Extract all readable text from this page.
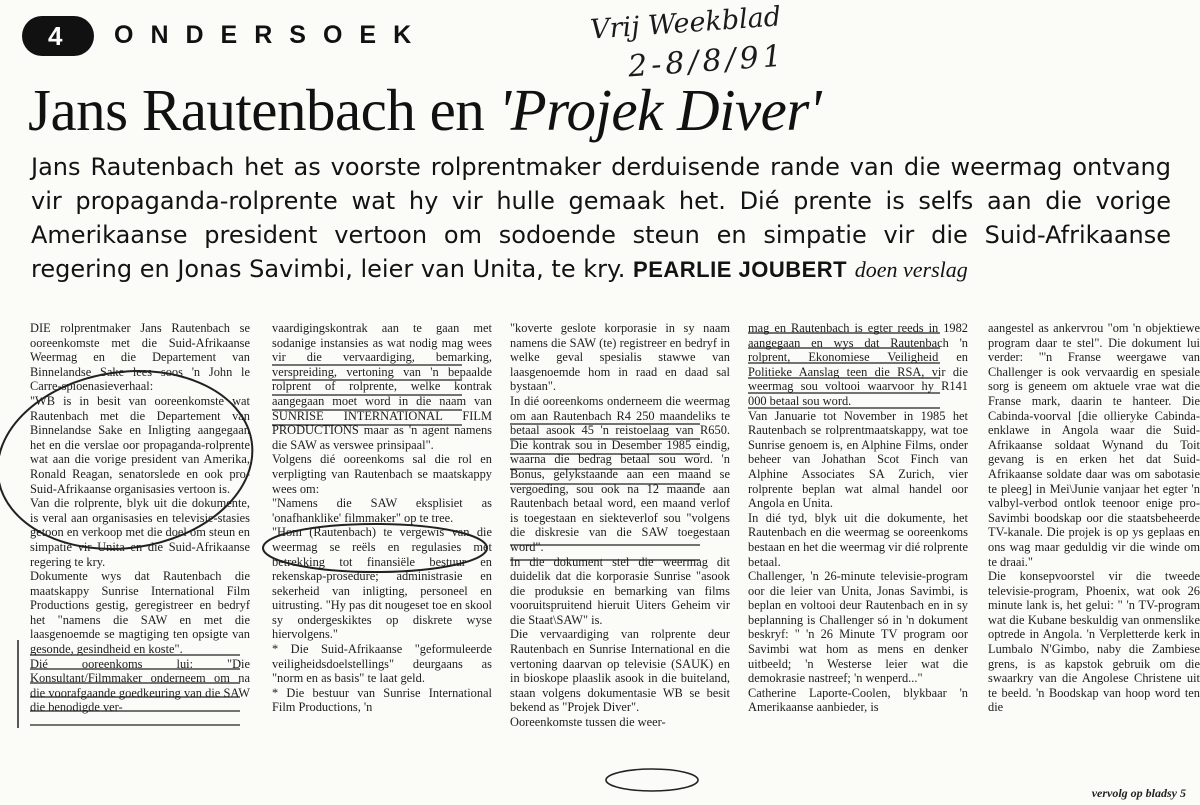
4	ONDERSOEK	Vrij Weekblad
2-8/8/91
Jans Rautenbach en 'Projek Diver'

Jans Rautenbach het as voorste rolprentmaker derduisende rande van die weermag ontvang vir propaganda-rolprente wat hy vir hulle gemaak het. Dié prente is selfs aan die vorige Amerikaanse president vertoon om sodoende steun en simpatie vir die Suid-Afrikaanse regering en Jonas Savimbi, leier van Unita, te kry. PEARLIE JOUBERT doen verslag

DIE rolprentmaker Jans Rautenbach se ooreenkomste met die Suid-Afrikaanse Weermag en die Departement van Binnelandse Sake lees soos 'n John le Carre-spioenasieverhaal:

"WB is in besit van ooreenkomste wat Rautenbach met die Departement van Binnelandse Sake en Inligting aangegaan het en die verslae oor propaganda-rolprente wat aan die vorige president van Amerika, Ronald Reagan, senatorslede en ook pro-Suid-Afrikaanse organisasies vertoon is.

Van die rolprente, blyk uit die dokumente, is veral aan organisasies en televisie-stasies getoon en verkoop met die doel om steun en simpatie vir Unita en die Suid-Afrikaanse regering te kry.

Dokumente wys dat Rautenbach die maatskappy Sunrise International Film Productions gestig, geregistreer en bedryf het "namens die SAW en met die laasgenoemde se magtiging ten opsigte van gesonde, gesindheid en koste".

Dié ooreenkoms lui: "Die Konsultant/Filmmaker onderneem om na die voorafgaande goedkeuring van die SAW die benodigde ver-

vaardigingskontrak aan te gaan met sodanige instansies as wat nodig mag wees vir die vervaardiging, bemarking, verspreiding, vertoning van 'n bepaalde rolprent of rolprente, welke kontrak aangegaan moet word in die naam van SUNRISE INTERNATIONAL FILM PRODUCTIONS maar as 'n agent namens die SAW as verswee prinsipaal".

Volgens dié ooreenkoms sal die rol en verpligting van Rautenbach se maatskappy wees om:

"Namens die SAW eksplisiet as 'onafhanklike' filmmaker" op te tree.

"Hom (Rautenbach) te vergewis van die weermag se reëls en regulasies met betrekking tot finansiële bestuur en rekenskap-prosedure; administrasie en sekerheid van inligting, personeel en uitrusting. "Hy pas dit nougeset toe en skool sy ondergeskiktes op diskrete wyse hiervolgens."

* Die Suid-Afrikaanse "geformuleerde veiligheidsdoelstellings" deurgaans as "norm en as basis" te laat geld.

* Die bestuur van Sunrise International Film Productions, 'n

"koverte geslote korporasie in sy naam namens die SAW (te) registreer en bedryf in welke geval spesialis stawwe van laasgenoemde hom in raad en daad sal bystaan".

In dié ooreenkoms onderneem die weermag om aan Rautenbach R4 250 maandeliks te betaal asook 45 'n reistoelaag van R650. Die kontrak sou in Desember 1985 eindig, waarna die bedrag betaal sou word. 'n Bonus, gelykstaande aan een maand se vergoeding, sou ook na 12 maande aan Rautenbach betaal word, een maand verlof is toegestaan en siekteverlof sou "volgens die diskresie van die SAW toegestaan word".

In die dokument stel die weermag dit duidelik dat die korporasie Sunrise "asook die produksie en bemarking van films vooruitspruitend hieruit Uiters Geheim vir die Staat\SAW" is.

Die vervaardiging van rolprente deur Rautenbach en Sunrise International en die vertoning daarvan op televisie (SAUK) en in bioskope plaaslik asook in die buiteland, staan volgens dokumentasie WB se besit bekend as "Projek Diver".

Ooreenkomste tussen die weer-

mag en Rautenbach is egter reeds in 1982 aangegaan en wys dat Rautenbach 'n rolprent, Ekonomiese Veiligheid en Politieke Aanslag teen die RSA, vir die weermag sou voltooi waarvoor hy R141 000 betaal sou word.

Van Januarie tot November in 1985 het Rautenbach se rolprentmaatskappy, wat toe Sunrise genoem is, en Alphine Films, onder beheer van Johathan Scot Finch van Alphine Associates SA Zurich, vier rolprente beplan wat almal handel oor Angola en Unita.

In dié tyd, blyk uit die dokumente, het Rautenbach en die weermag se ooreenkoms bestaan en het die weermag vir dié rolprente betaal.

Challenger, 'n 26-minute televisie-program oor die leier van Unita, Jonas Savimbi, is beplan en voltooi deur Rautenbach en in sy beplanning is Challenger só in 'n dokument beskryf: " 'n 26 Minute TV program oor Savimbi wat hom as mens en denker uitbeeld; 'n Westerse leier wat die demokrasie nastreef; 'n wenperd..."

Catherine Laporte-Coolen, blykbaar 'n Amerikaanse aanbieder, is

aangestel as ankervrou "om 'n objektiewe program daar te stel". Die dokument lui verder: "'n Franse weergawe van Challenger is ook vervaardig en spesiale sorg is geneem om aktuele vrae wat die Franse mark, daarin te hanteer. Die Cabinda-voorval [die ollieryke Cabinda-enklawe in Angola waar die Suid-Afrikaanse soldaat Wynand du Toit gevang is en erken het dat Suid-Afrikaanse soldate daar was om sabotasie te pleeg] in Mei\Junie vanjaar het egter 'n valbyl-verbod ontlok teenoor enige pro-Savimbi boodskap oor die staatsbeheerde TV-kanale. Die projek is op ys geplaas en ons wag maar geduldig vir die winde om te draai."

Die konsepvoorstel vir die tweede televisie-program, Phoenix, wat ook 26 minute lank is, het gelui: " 'n TV-program wat die Kubane beskuldig van onmenslike optrede in Angola. 'n Verpletterde kerk in Lumbalo N'Gimbo, naby die Zambiese grens, is as kapstok gebruik om die swaarkry van die Angolese Christene uit te beeld. 'n Boodskap van hoop word ten die

vervolg op bladsy 5
